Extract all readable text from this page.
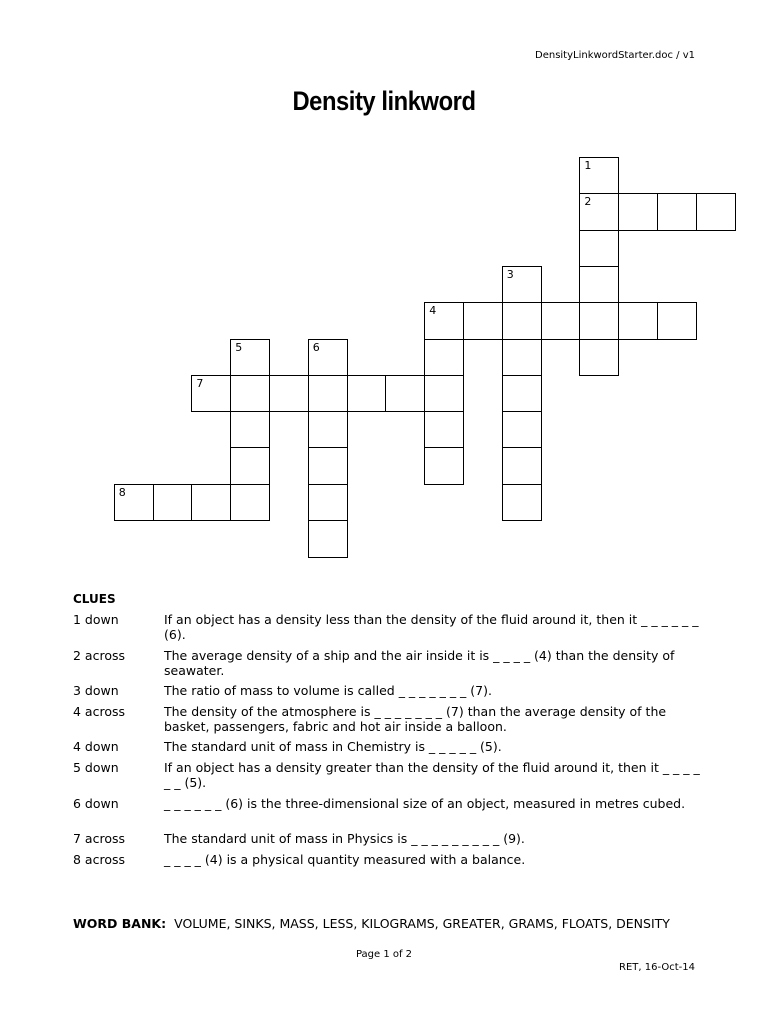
DensityLinkwordStarter.doc / v1
Density linkword
1
2
3
4
5	6
7
8
CLUES
1 down	If an object has a density less than the density of the fluid around it, then it _ _ _ _ _ _ (6).
2 across	The average density of a ship and the air inside it is _ _ _ _ (4) than the density of seawater.
3 down	The ratio of mass to volume is called _ _ _ _ _ _ _ (7).
4 across	The density of the atmosphere is _ _ _ _ _ _ _ (7) than the average density of the basket, passengers, fabric and hot air inside a balloon.
4 down	The standard unit of mass in Chemistry is _ _ _ _ _ (5).
5 down	If an object has a density greater than the density of the fluid around it, then it _ _ _ _ _ _ (5).
6 down	_ _ _ _ _ _ (6) is the three-dimensional size of an object, measured in metres cubed.
7 across	The standard unit of mass in Physics is _ _ _ _ _ _ _ _ _ (9).
8 across	_ _ _ _ (4) is a physical quantity measured with a balance.
WORD BANK: VOLUME, SINKS, MASS, LESS, KILOGRAMS, GREATER, GRAMS, FLOATS, DENSITY
Page 1 of 2
RET, 16-Oct-14
